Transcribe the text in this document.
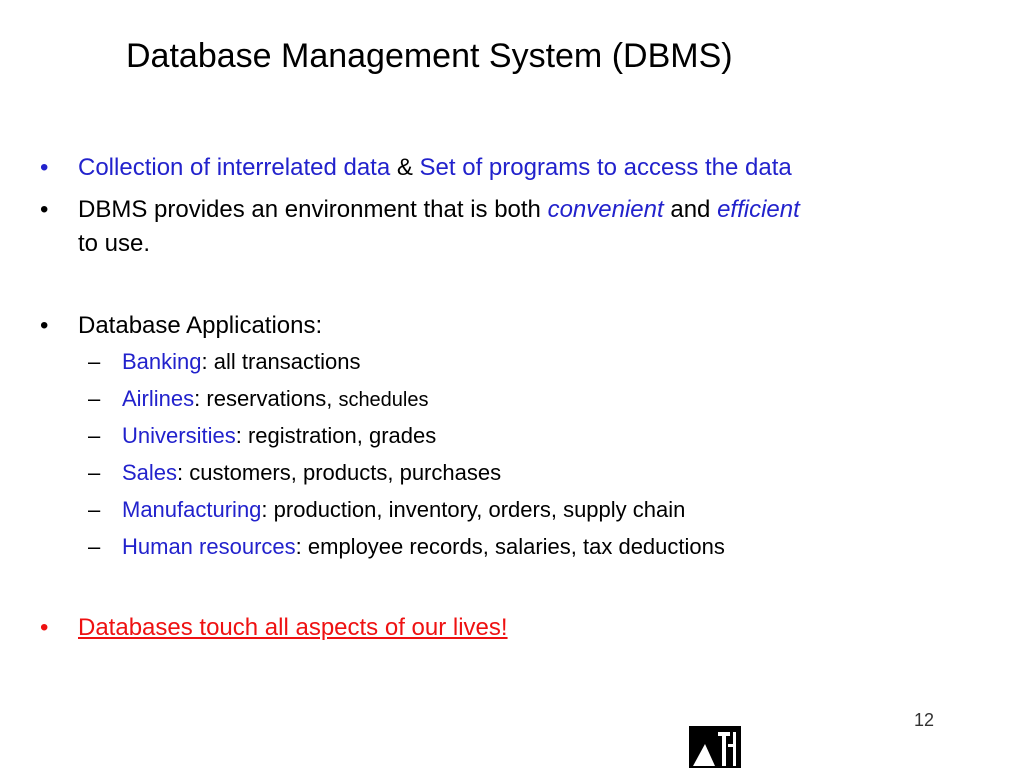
Database Management System (DBMS)
• Collection of interrelated data & Set of programs to access the data
• DBMS provides an environment that is both convenient and efficient
to use.
• Database Applications:
– Banking: all transactions
– Airlines: reservations, schedules
– Universities: registration, grades
– Sales: customers, products, purchases
– Manufacturing: production, inventory, orders, supply chain
– Human resources: employee records, salaries, tax deductions
• Databases touch all aspects of our lives!
12
